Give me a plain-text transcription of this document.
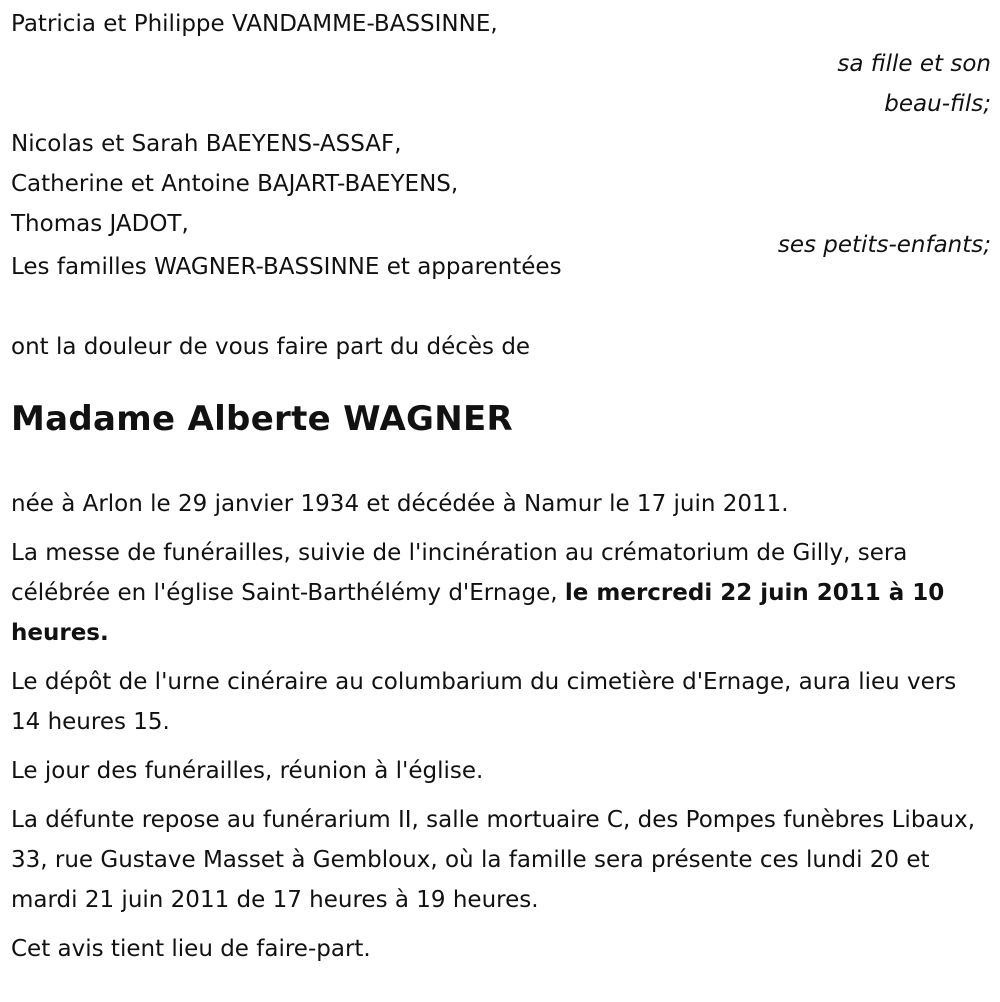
Patricia et Philippe VANDAMME-BASSINNE,
sa fille et son
beau-fils;
Nicolas et Sarah BAEYENS-ASSAF,
Catherine et Antoine BAJART-BAEYENS,
Thomas JADOT,
ses petits-enfants;
Les familles WAGNER-BASSINNE et apparentées
ont la douleur de vous faire part du décès de
Madame Alberte WAGNER

née à Arlon le 29 janvier 1934 et décédée à Namur le 17 juin 2011.

La messe de funérailles, suivie de l'incinération au crématorium de Gilly, sera célébrée en l'église Saint-Barthélémy d'Ernage, le mercredi 22 juin 2011 à 10 heures.

Le dépôt de l'urne cinéraire au columbarium du cimetière d'Ernage, aura lieu vers 14 heures 15.

Le jour des funérailles, réunion à l'église.

La défunte repose au funérarium II, salle mortuaire C, des Pompes funèbres Libaux, 33, rue Gustave Masset à Gembloux, où la famille sera présente ces lundi 20 et mardi 21 juin 2011 de 17 heures à 19 heures.

Cet avis tient lieu de faire-part.
